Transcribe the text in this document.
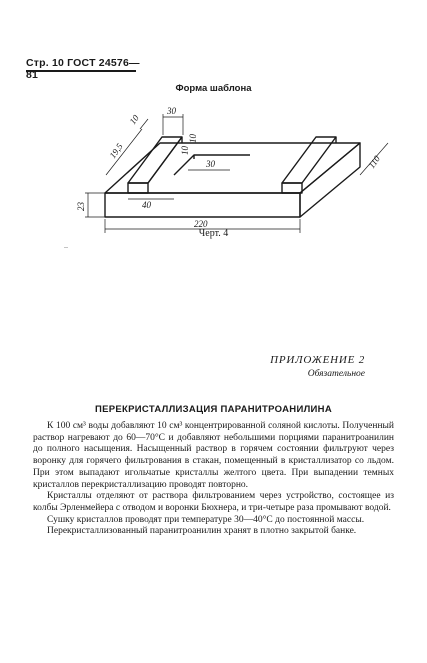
Стр. 10 ГОСТ 24576—81
Форма шаблона
30
10
10
19,5
30
10
23	40
110
220
Черт. 4
..
ПРИЛОЖЕНИЕ 2
Обязательное
ПЕРЕКРИСТАЛЛИЗАЦИЯ ПАРАНИТРОАНИЛИНА

К 100 см³ воды добавляют 10 см³ концентрированной соляной кислоты. Полученный раствор нагревают до 60—70°С и добавляют небольшими порциями паранитроанилин до полного насыщения. Насыщенный раствор в горячем состоянии фильтруют через воронку для горячего фильтрования в стакан, помещенный в кристаллизатор со льдом. При этом выпадают игольчатые кристаллы желтого цвета. При выпадении темных кристаллов перекристаллизацию проводят повторно.

Кристаллы отделяют от раствора фильтрованием через устройство, состоящее из колбы Эрленмейера с отводом и воронки Бюхнера, и три-четыре раза промывают водой.

Сушку кристаллов проводят при температуре 30—40°С до постоянной массы.

Перекристаллизованный паранитроанилин хранят в плотно закрытой банке.
